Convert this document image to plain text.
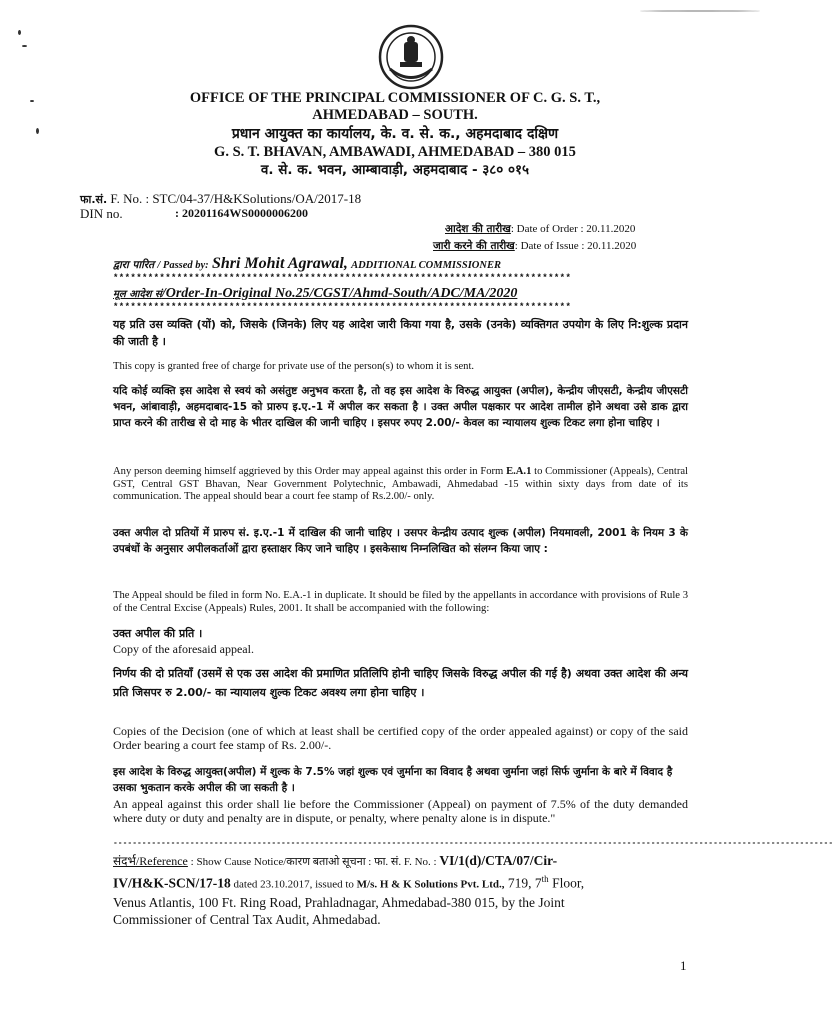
OFFICE OF THE PRINCIPAL COMMISSIONER OF C. G. S. T.,
AHMEDABAD – SOUTH.
प्रधान आयुक्त का कार्यालय, के. व. से. क., अहमदाबाद दक्षिण
G. S. T. BHAVAN, AMBAWADI, AHMEDABAD – 380 015
व. से. क. भवन, आम्बावाड़ी, अहमदाबाद - ३८० ०१५
फा.सं. F. No. : STC/04-37/H&KSolutions/OA/2017-18
DIN no.	: 20201164WS0000006200
आदेश की तारीख: Date of Order : 20.11.2020
जारी करने की तारीख: Date of Issue : 20.11.2020
द्वारा पारित / Passed by: Shri Mohit Agrawal, ADDITIONAL COMMISSIONER
*******************************************************************************
मूल आदेश सं/Order-In-Original No.25/CGST/Ahmd-South/ADC/MA/2020
*******************************************************************************
यह प्रति उस व्यक्ति (यों) को, जिसके (जिनके) लिए यह आदेश जारी किया गया है, उसके (उनके) व्यक्तिगत उपयोग के लिए नि:शुल्क प्रदान की जाती है ।
This copy is granted free of charge for private use of the person(s) to whom it is sent.
यदि कोई व्यक्ति इस आदेश से स्वयं को असंतुष्ट अनुभव करता है, तो वह इस आदेश के विरुद्ध आयुक्त (अपील), केन्द्रीय जीएसटी, केन्द्रीय जीएसटी भवन, आंबावाड़ी, अहमदाबाद-15 को प्रारुप इ.ए.-1 में अपील कर सकता है । उक्त अपील पक्षकार पर आदेश तामील होने अथवा उसे डाक द्वारा प्राप्त करने की तारीख से दो माह के भीतर दाखिल की जानी चाहिए । इसपर रुपए 2.00/- केवल का न्यायालय शुल्क टिकट लगा होना चाहिए ।
Any person deeming himself aggrieved by this Order may appeal against this order in Form E.A.1 to Commissioner (Appeals), Central GST, Central GST Bhavan, Near Government Polytechnic, Ambawadi, Ahmedabad -15 within sixty days from date of its communication. The appeal should bear a court fee stamp of Rs.2.00/- only.
उक्त अपील दो प्रतियों में प्रारुप सं. इ.ए.-1 में दाखिल की जानी चाहिए । उसपर केन्द्रीय उत्पाद शुल्क (अपील) नियमावली, 2001 के नियम 3 के उपबंधों के अनुसार अपीलकर्ताओं द्वारा हस्ताक्षर किए जाने चाहिए । इसकेसाथ निम्नलिखित को संलग्न किया जाए :
The Appeal should be filed in form No. E.A.-1 in duplicate. It should be filed by the appellants in accordance with provisions of Rule 3 of the Central Excise (Appeals) Rules, 2001. It shall be accompanied with the following:
उक्त अपील की प्रति ।
Copy of the aforesaid appeal.
निर्णय की दो प्रतियाँ (उसमें से एक उस आदेश की प्रमाणित प्रतिलिपि होनी चाहिए जिसके विरुद्ध अपील की गई है) अथवा उक्त आदेश की अन्य प्रति जिसपर रु 2.00/- का न्यायालय शुल्क टिकट अवश्य लगा होना चाहिए ।
Copies of the Decision (one of which at least shall be certified copy of the order appealed against) or copy of the said Order bearing a court fee stamp of Rs. 2.00/-.
इस आदेश के विरुद्ध आयुक्त(अपील) में शुल्क के 7.5% जहां शुल्क एवं जुर्माना का विवाद है अथवा जुर्माना जहां सिर्फ जुर्माना के बारे में विवाद है उसका भुकतान करके अपील की जा सकती है ।
An appeal against this order shall lie before the Commissioner (Appeal) on payment of 7.5% of the duty demanded where duty or duty and penalty are in dispute, or penalty, where penalty alone is in dispute."
------------------------------------------------------------------------------------------------------------------------------------------------------
संदर्भ/Reference : Show Cause Notice/कारण बताओ सूचना : फा. सं. F. No. : VI/1(d)/CTA/07/Cir-
IV/H&K-SCN/17-18 dated 23.10.2017, issued to M/s. H & K Solutions Pvt. Ltd., 719, 7th Floor,
Venus Atlantis, 100 Ft. Ring Road, Prahladnagar, Ahmedabad-380 015, by the Joint
Commissioner of Central Tax Audit, Ahmedabad.
1
